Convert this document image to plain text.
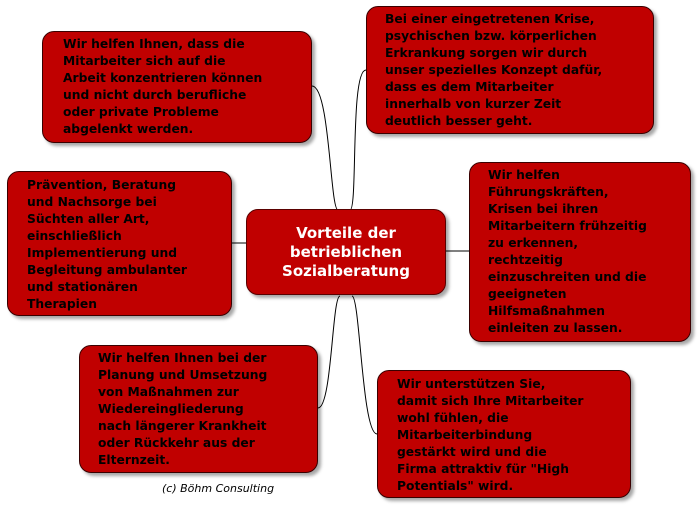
Wir helfen Ihnen, dass die
Mitarbeiter sich auf die
Arbeit konzentrieren können
und nicht durch berufliche
oder private Probleme
abgelenkt werden.

Bei einer eingetretenen Krise,
psychischen bzw. körperlichen
Erkrankung sorgen wir durch
unser spezielles Konzept dafür,
dass es dem Mitarbeiter
innerhalb von kurzer Zeit
deutlich besser geht.

Prävention, Beratung
und Nachsorge bei
Süchten aller Art,
einschließlich
Implementierung und
Begleitung ambulanter
und stationären
Therapien

Vorteile der
betrieblichen
Sozialberatung

Wir helfen
Führungskräften,
Krisen bei ihren
Mitarbeitern frühzeitig
zu erkennen,
rechtzeitig
einzuschreiten und die
geeigneten
Hilfsmaßnahmen
einleiten zu lassen.

Wir helfen Ihnen bei der
Planung und Umsetzung
von Maßnahmen zur
Wiedereingliederung
nach längerer Krankheit
oder Rückkehr aus der
Elternzeit.

Wir unterstützen Sie,
damit sich Ihre Mitarbeiter
wohl fühlen, die
Mitarbeiterbindung
gestärkt wird und die
Firma attraktiv für "High
Potentials" wird.

(c) Böhm Consulting
